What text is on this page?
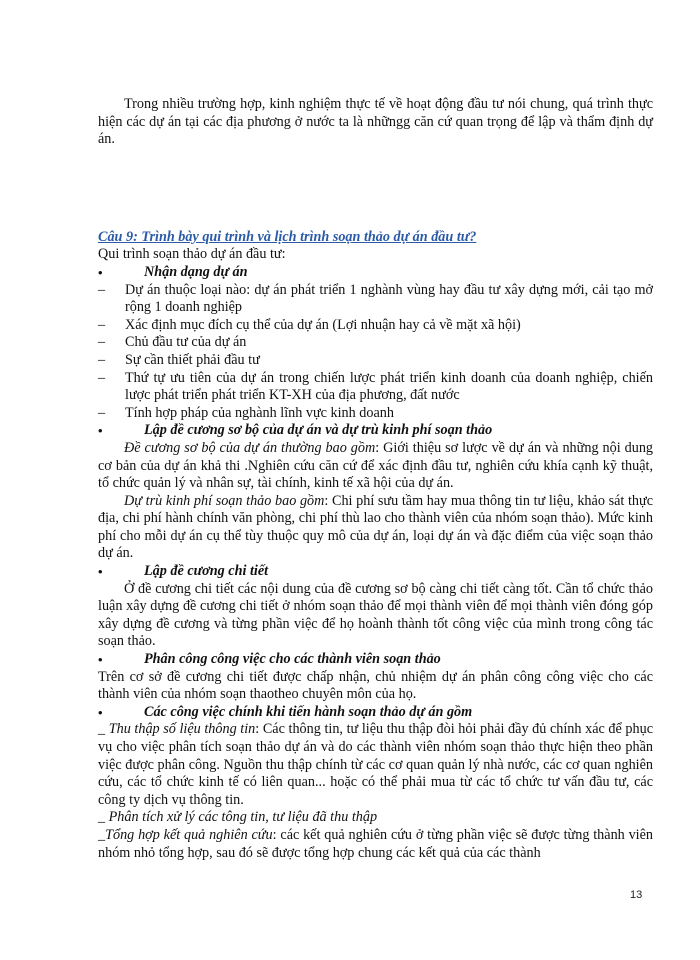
Trong nhiều trường hợp, kinh nghiệm thực tế về hoạt động đầu tư nói chung, quá trình thực hiện các dự án tại các địa phương ở nước ta là nhữngg căn cứ quan trọng để lập và thẩm định dự án.

Câu 9: Trình bày qui trình và lịch trình soạn thảo dự án đầu tư?

Qui trình soạn thảo dự án đầu tư:

•	Nhận dạng dự án
–	Dự án thuộc loại nào: dự án phát triển 1 nghành vùng hay đầu tư xây dựng mới, cải tạo mở rộng 1 doanh nghiệp
–	Xác định mục đích cụ thể của dự án (Lợi nhuận hay cả về mặt xã hội)
–	Chủ đầu tư của dự án
–	Sự cần thiết phải đầu tư
–	Thứ tự ưu tiên của dự án trong chiến lược phát triển kinh doanh của doanh nghiệp, chiến lược phát triển phát triển KT-XH của địa phương, đất nước
–	Tính hợp pháp của nghành lĩnh vực kinh doanh
•	Lập đề cương sơ bộ của dự án và dự trù kinh phí soạn thảo

Đề cương sơ bộ của dự án thường bao gồm: Giới thiệu sơ lược về dự án và những nội dung cơ bản của dự án khả thi .Nghiên cứu căn cứ để xác định đầu tư, nghiên cứu khía cạnh kỹ thuật, tổ chức quản lý và nhân sự, tài chính, kinh tế xã hội của dự án.

Dự trù kinh phí soạn thảo bao gồm: Chi phí sưu tầm hay mua thông tin tư liệu, khảo sát thực địa, chi phí hành chính văn phòng, chi phí thù lao cho thành viên của nhóm soạn thảo). Mức kinh phí cho mỗi dự án cụ thể tùy thuộc quy mô của dự án, loại dự án và đặc điểm của việc soạn thảo dự án.

•	Lập đề cương chi tiết

Ở đề cương chi tiết các nội dung của đề cương sơ bộ càng chi tiết càng tốt. Cần tổ chức thảo luận xây dựng đề cương chi tiết ở nhóm soạn thảo để mọi thành viên để mọi thành viên đóng góp xây dựng đề cương và từng phần việc để họ hoành thành tốt công việc của mình trong công tác soạn thảo.

•	Phân công công việc cho các thành viên soạn thảo

Trên cơ sở đề cương chi tiết được chấp nhận, chủ nhiệm dự án phân công công việc cho các thành viên của nhóm soạn thaotheo chuyên môn của họ.

•	Các công việc chính khi tiến hành soạn thảo dự án gồm

_ Thu thập số liệu thông tin: Các thông tin, tư liệu thu thập đòi hỏi phải đầy đủ chính xác để phục vụ cho việc phân tích soạn thảo dự án và do các thành viên nhóm soạn thảo thực hiện theo phần việc được phân công. Nguồn thu thập chính từ các cơ quan quản lý nhà nước, các cơ quan nghiên cứu, các tổ chức kinh tế có liên quan... hoặc có thể phải mua từ các tổ chức tư vấn đầu tư, các công ty dịch vụ thông tin.

_ Phân tích xử lý các tông tin, tư liệu đã thu thập

_Tổng hợp kết quả nghiên cứu: các kết quả nghiên cứu ở từng phần việc sẽ được từng thành viên nhóm nhỏ tổng hợp, sau đó sẽ được tổng hợp chung các kết quả của các thành

13
